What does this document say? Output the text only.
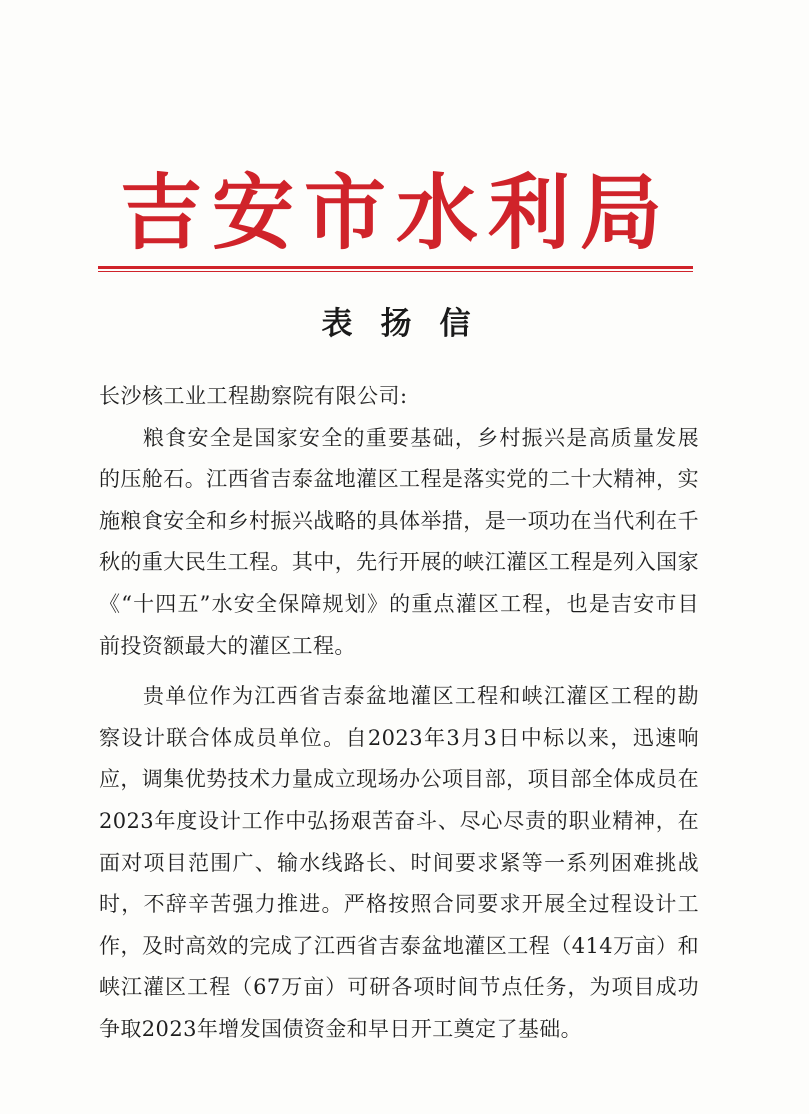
吉安市水利局
表扬信

长沙核工业工程勘察院有限公司:

粮食安全是国家安全的重要基础，乡村振兴是高质量发展的压舱石。江西省吉泰盆地灌区工程是落实党的二十大精神，实施粮食安全和乡村振兴战略的具体举措，是一项功在当代利在千秋的重大民生工程。其中，先行开展的峡江灌区工程是列入国家《“十四五”水安全保障规划》的重点灌区工程，也是吉安市目前投资额最大的灌区工程。

贵单位作为江西省吉泰盆地灌区工程和峡江灌区工程的勘察设计联合体成员单位。自2023年3月3日中标以来，迅速响应，调集优势技术力量成立现场办公项目部，项目部全体成员在2023年度设计工作中弘扬艰苦奋斗、尽心尽责的职业精神，在面对项目范围广、输水线路长、时间要求紧等一系列困难挑战时，不辞辛苦强力推进。严格按照合同要求开展全过程设计工作，及时高效的完成了江西省吉泰盆地灌区工程（414万亩）和峡江灌区工程（67万亩）可研各项时间节点任务，为项目成功争取2023年增发国债资金和早日开工奠定了基础。
